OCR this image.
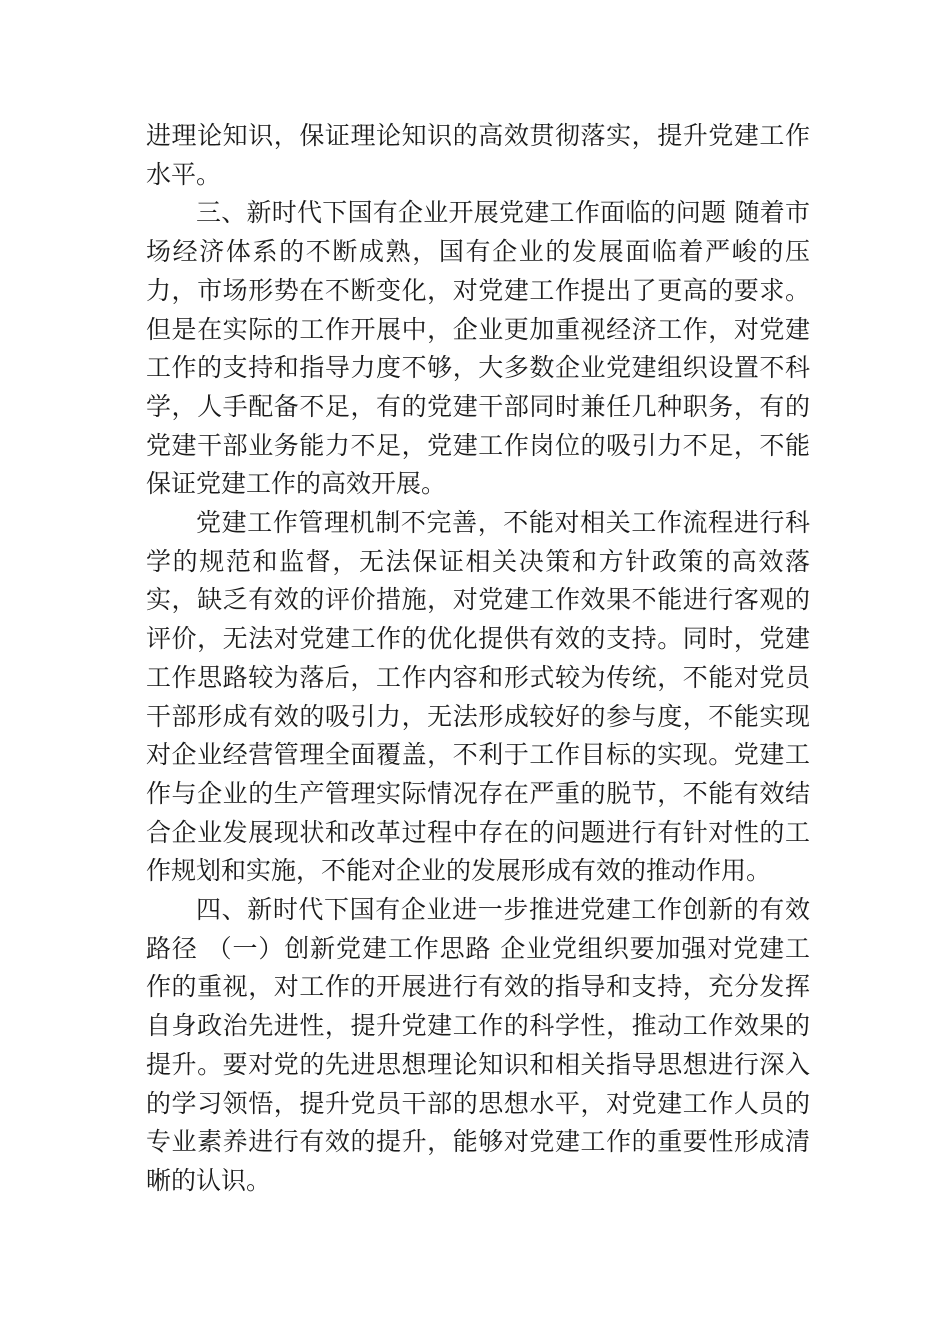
进理论知识，保证理论知识的高效贯彻落实，提升党建工作水平。

三、新时代下国有企业开展党建工作面临的问题 随着市场经济体系的不断成熟，国有企业的发展面临着严峻的压力，市场形势在不断变化，对党建工作提出了更高的要求。但是在实际的工作开展中，企业更加重视经济工作，对党建工作的支持和指导力度不够，大多数企业党建组织设置不科学，人手配备不足，有的党建干部同时兼任几种职务，有的党建干部业务能力不足，党建工作岗位的吸引力不足，不能保证党建工作的高效开展。

党建工作管理机制不完善，不能对相关工作流程进行科学的规范和监督，无法保证相关决策和方针政策的高效落实，缺乏有效的评价措施，对党建工作效果不能进行客观的评价，无法对党建工作的优化提供有效的支持。同时，党建工作思路较为落后，工作内容和形式较为传统，不能对党员干部形成有效的吸引力，无法形成较好的参与度，不能实现对企业经营管理全面覆盖，不利于工作目标的实现。党建工作与企业的生产管理实际情况存在严重的脱节，不能有效结合企业发展现状和改革过程中存在的问题进行有针对性的工作规划和实施，不能对企业的发展形成有效的推动作用。

四、新时代下国有企业进一步推进党建工作创新的有效路径 （一）创新党建工作思路 企业党组织要加强对党建工作的重视，对工作的开展进行有效的指导和支持，充分发挥自身政治先进性，提升党建工作的科学性，推动工作效果的提升。要对党的先进思想理论知识和相关指导思想进行深入的学习领悟，提升党员干部的思想水平，对党建工作人员的专业素养进行有效的提升，能够对党建工作的重要性形成清晰的认识。
